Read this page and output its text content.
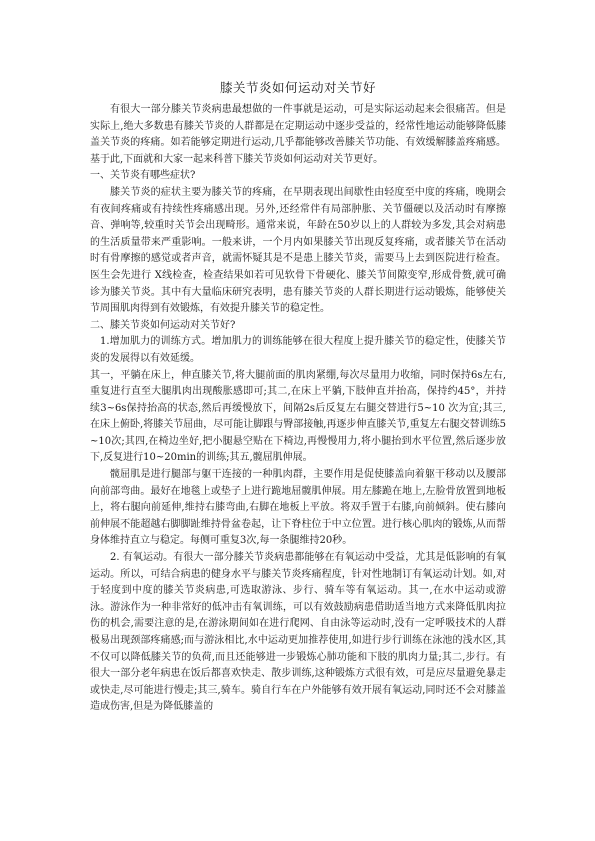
膝关节炎如何运动对关节好

有很大一部分膝关节炎病患最想做的一件事就是运动，可是实际运动起来会很痛苦。但是实际上,绝大多数患有膝关节炎的人群都是在定期运动中逐步受益的，经常性地运动能够降低膝盖关节炎的疼痛。如若能够定期进行运动,几乎都能够改善膝关节功能、有效缓解膝盖疼痛感。基于此,下面就和大家一起来科普下膝关节炎如何运动对关节更好。

一、关节炎有哪些症状?

膝关节炎的症状主要为膝关节的疼痛，在早期表现出间歇性由轻度至中度的疼痛，晚期会有夜间疼痛或有持续性疼痛感出现。另外,还经常伴有局部肿胀、关节僵硬以及活动时有摩擦音、弹响等,较重时关节会出现畸形。通常来说，年龄在50岁以上的人群较为多发,其会对病患的生活质量带来严重影响。一般来讲，一个月内如果膝关节出现反复疼痛，或者膝关节在活动时有骨摩擦的感觉或者声音，就需怀疑其是不是患上膝关节炎，需要马上去到医院进行检查。医生会先进行 X线检查，检查结果如若可见软骨下骨硬化、膝关节间隙变窄,形成骨赘,就可确诊为膝关节炎。其中有大量临床研究表明，患有膝关节炎的人群长期进行运动锻炼，能够使关节周围肌肉得到有效锻炼，有效提升膝关节的稳定性。

二、膝关节炎如何运动对关节好?

1.增加肌力的训练方式。增加肌力的训练能够在很大程度上提升膝关节的稳定性，使膝关节炎的发展得以有效延缓。

其一，平躺在床上，伸直膝关节,将大腿前面的肌肉紧绷,每次尽量用力收缩，同时保持6s左右,重复进行直至大腿肌肉出现酸胀感即可;其二,在床上平躺,下肢伸直并抬高，保持约45°，并持续3~6s保持抬高的状态,然后再缓慢放下，间隔2s后反复左右腿交替进行5~10 次为宜;其三,在床上俯卧,将膝关节屈曲，尽可能让脚跟与臀部接触,再逐步伸直膝关节,重复左右腿交替训练5~10次;其四,在椅边坐好,把小腿悬空贴在下椅边,再慢慢用力,将小腿抬到水平位置,然后逐步放下,反复进行10~20min的训练;其五,髋屈肌伸展。

髋屈肌是进行腿部与躯干连接的一种肌肉群，主要作用是促使膝盖向着躯干移动以及腰部向前部弯曲。最好在地毯上或垫子上进行跪地屈髋肌伸展。用左膝跪在地上,左脸骨放置到地板上，将右腿向前延伸,维持右膝弯曲,右脚在地板上平放。将双手置于右膝,向前倾斜。使右膝向前伸展不能超越右脚脚趾维持骨盆卷起，让下脊柱位于中立位置。进行核心肌肉的锻炼,从而帮身体维持直立与稳定。每侧可重复3次,每一条腿维持20秒。

2. 有氧运动。有很大一部分膝关节炎病患都能够在有氧运动中受益，尤其是低影响的有氧运动。所以，可结合病患的健身水平与膝关节炎疼痛程度，针对性地制订有氧运动计划。如,对于轻度到中度的膝关节炎病患,可选取游泳、步行、骑车等有氧运动。其一,在水中运动或游泳。游泳作为一种非常好的低冲击有氧训练，可以有效鼓励病患借助适当地方式来降低肌肉拉伤的机会,需要注意的是,在游泳期间如在进行爬网、自由泳等运动时,没有一定呼吸技术的人群极易出现颈部疼痛感;而与游泳相比,水中运动更加推荐使用,如进行步行训练在泳池的浅水区,其不仅可以降低膝关节的负荷,而且还能够进一步锻炼心肺功能和下肢的肌肉力量;其二,步行。有很大一部分老年病患在饭后都喜欢快走、散步训练,这种锻炼方式很有效，可是应尽量避免暴走或快走,尽可能进行慢走;其三,骑车。骑自行车在户外能够有效开展有氧运动,同时还不会对膝盖造成伤害,但是为降低膝盖的
